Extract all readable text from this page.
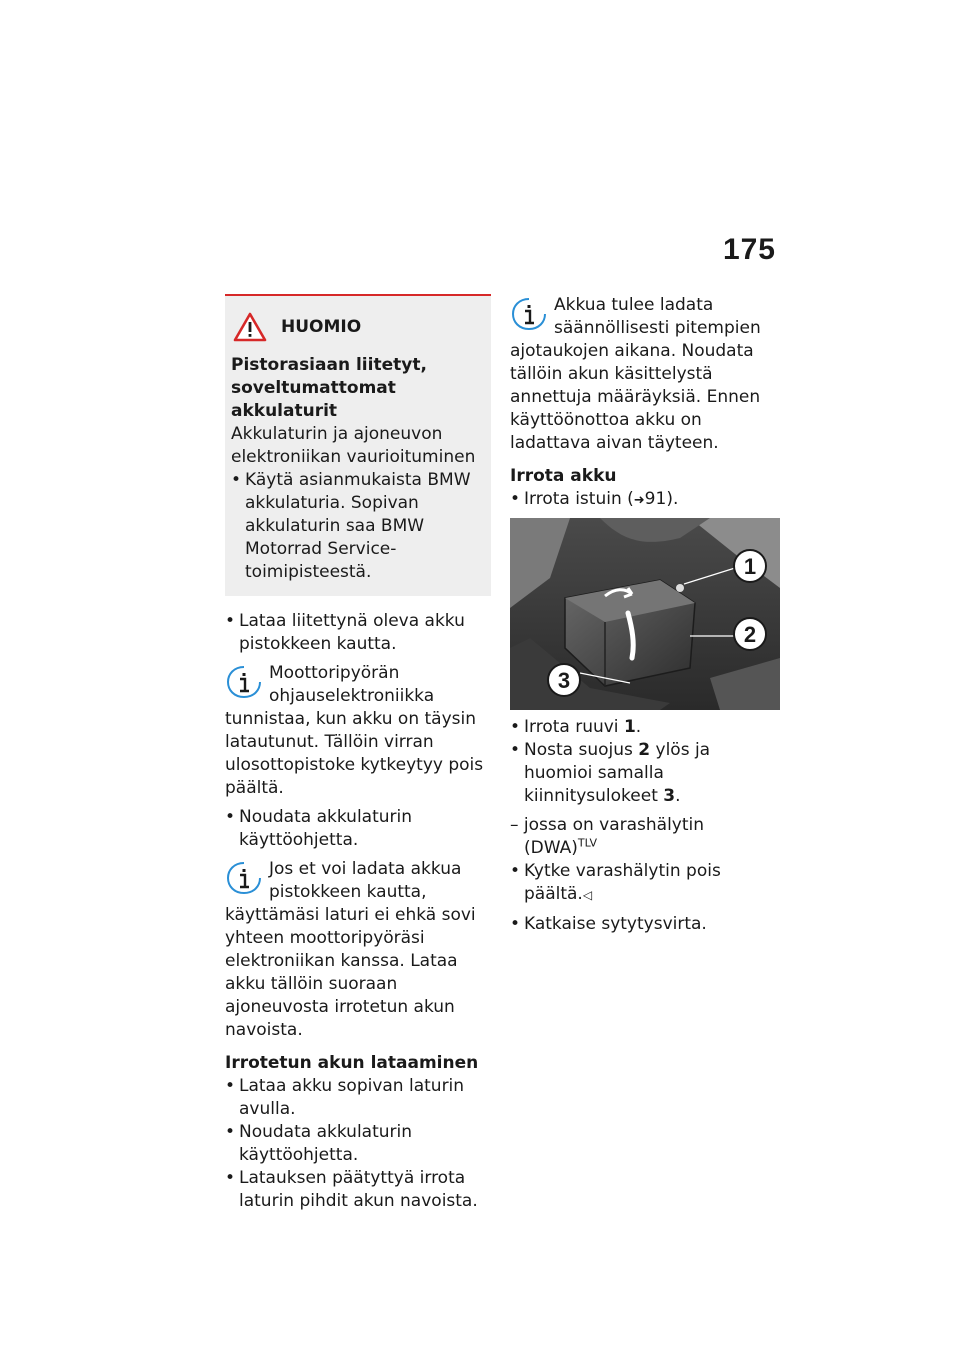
175
HUOMIO

Pistorasiaan liitetyt, soveltumattomat akkulaturit

Akkulaturin ja ajoneuvon elektroniikan vaurioituminen

• Käytä asianmukaista BMW akkulaturia. Sopivan akkulaturin saa BMW Motorrad Service-toimipisteestä.
• Lataa liitettynä oleva akku pistokkeen kautta.

Moottoripyörän ohjauselektroniikka tunnistaa, kun akku on täysin latautunut. Tällöin virran ulosottopistoke kytkeytyy pois päältä.

• Noudata akkulaturin käyttöohjetta.

Jos et voi ladata akkua pistokkeen kautta, käyttämäsi laturi ei ehkä sovi yhteen moottoripyöräsi elektroniikan kanssa. Lataa akku tällöin suoraan ajoneuvosta irrotetun akun navoista.

Irrotetun akun lataaminen
• Lataa akku sopivan laturin avulla.
• Noudata akkulaturin käyttöohjetta.
• Latauksen päätyttyä irrota laturin pihdit akun navoista.

Akkua tulee ladata säännöllisesti pitempien ajotaukojen aikana. Noudata tällöin akun käsittelystä annettuja määräyksiä. Ennen käyttöönottoa akku on ladattava aivan täyteen.

Irrota akku
• Irrota istuin (➜91).
1
2
3
• Irrota ruuvi 1.
• Nosta suojus 2 ylös ja huomioi samalla kiinnitysulokeet 3.
– jossa on varashälytin (DWA)$^{TLV}$
• Kytke varashälytin pois päältä.◁
• Katkaise sytytysvirta.
